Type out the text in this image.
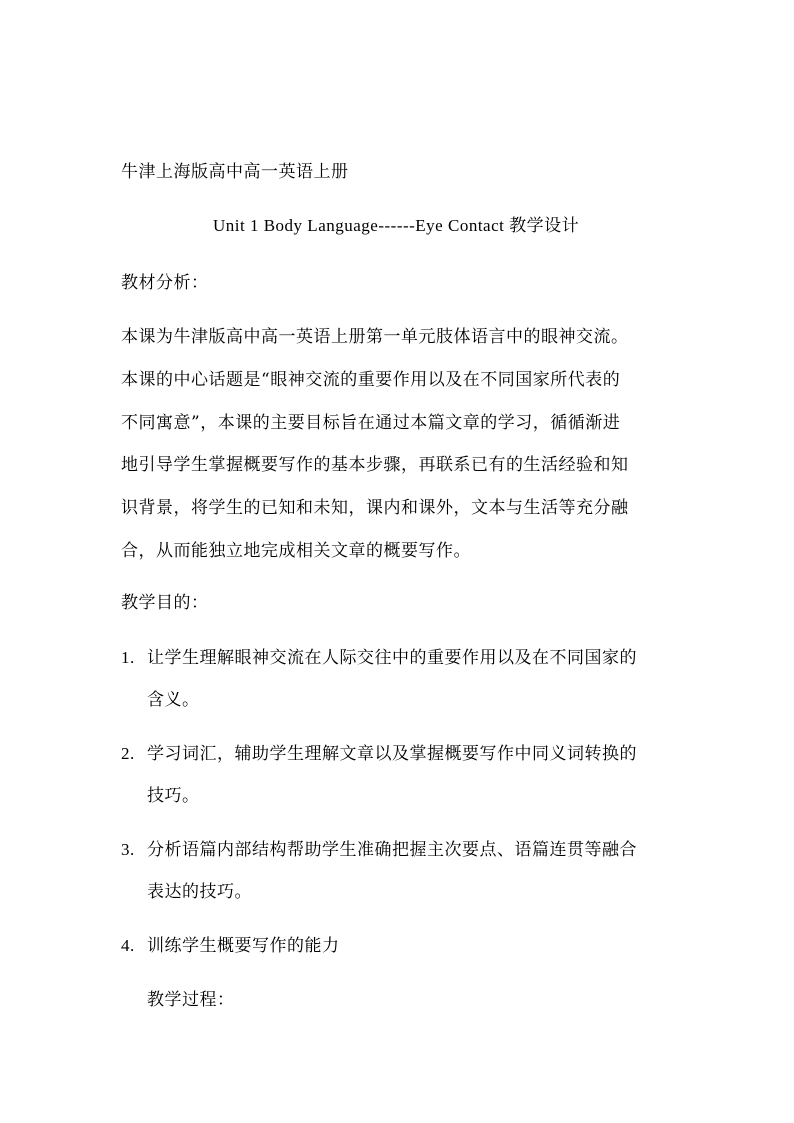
牛津上海版高中高一英语上册
Unit 1 Body Language------Eye Contact 教学设计
教材分析：
本课为牛津版高中高一英语上册第一单元肢体语言中的眼神交流。
本课的中心话题是“眼神交流的重要作用以及在不同国家所代表的
不同寓意”，本课的主要目标旨在通过本篇文章的学习，循循渐进
地引导学生掌握概要写作的基本步骤，再联系已有的生活经验和知
识背景，将学生的已知和未知，课内和课外，文本与生活等充分融
合，从而能独立地完成相关文章的概要写作。
教学目的：
1. 让学生理解眼神交流在人际交往中的重要作用以及在不同国家的
含义。
2. 学习词汇，辅助学生理解文章以及掌握概要写作中同义词转换的
技巧。
3. 分析语篇内部结构帮助学生准确把握主次要点、语篇连贯等融合
表达的技巧。
4. 训练学生概要写作的能力
教学过程：
